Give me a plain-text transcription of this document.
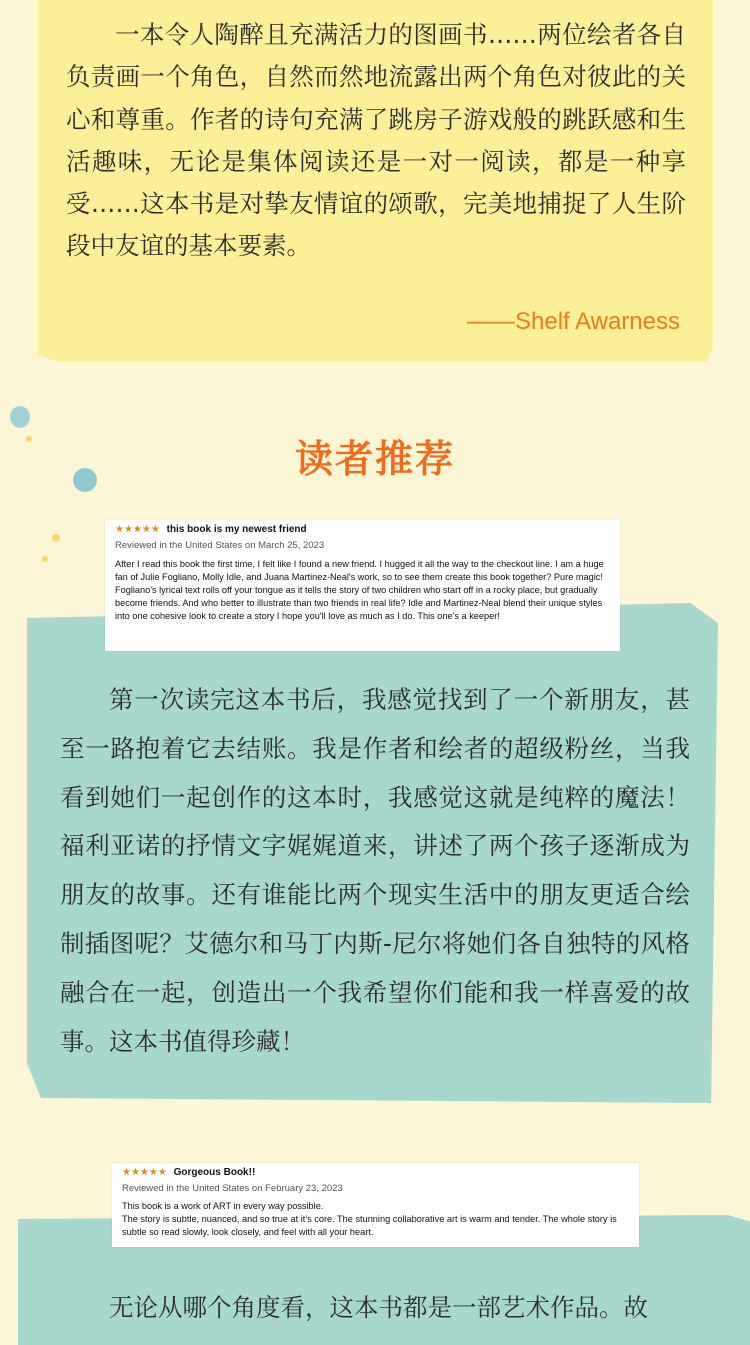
一本令人陶醉且充满活力的图画书……两位绘者各自负责画一个角色，自然而然地流露出两个角色对彼此的关心和尊重。作者的诗句充满了跳房子游戏般的跳跃感和生活趣味，无论是集体阅读还是一对一阅读，都是一种享受……这本书是对挚友情谊的颂歌，完美地捕捉了人生阶段中友谊的基本要素。

——Shelf Awarness

读者推荐
★★★★★ this book is my newest friend
Reviewed in the United States on March 25, 2023

After I read this book the first time, I felt like I found a new friend. I hugged it all the way to the checkout line. I am a huge fan of Julie Fogliano, Molly Idle, and Juana Martinez-Neal's work, so to see them create this book together? Pure magic! Fogliano's lyrical text rolls off your tongue as it tells the story of two children who start off in a rocky place, but gradually become friends. And who better to illustrate than two friends in real life? Idle and Martinez-Neal blend their unique styles into one cohesive look to create a story I hope you'll love as much as I do. This one's a keeper!

第一次读完这本书后，我感觉找到了一个新朋友，甚至一路抱着它去结账。我是作者和绘者的超级粉丝，当我看到她们一起创作的这本时，我感觉这就是纯粹的魔法！福利亚诺的抒情文字娓娓道来，讲述了两个孩子逐渐成为朋友的故事。还有谁能比两个现实生活中的朋友更适合绘制插图呢？艾德尔和马丁内斯-尼尔将她们各自独特的风格融合在一起，创造出一个我希望你们能和我一样喜爱的故事。这本书值得珍藏！

★★★★★ Gorgeous Book!!
Reviewed in the United States on February 23, 2023

This book is a work of ART in every way possible.
The story is subtle, nuanced, and so true at it's core. The stunning collaborative art is warm and tender. The whole story is subtle so read slowly, look closely, and feel with all your heart.

无论从哪个角度看，这本书都是一部艺术作品。故
